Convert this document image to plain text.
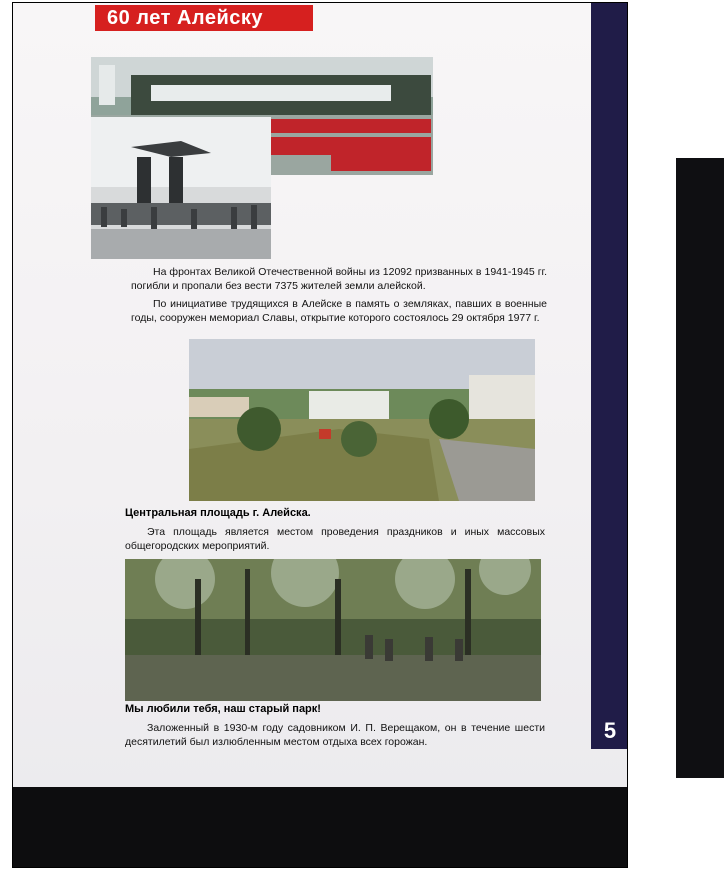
60 лет Алейску

На фронтах Великой Отечественной войны из 12092 призванных в 1941-1945 гг. погибли и пропали без вести 7375 жителей земли алейской.

По инициативе трудящихся в Алейске в память о земляках, павших в военные годы, сооружен мемориал Славы, открытие которого состоялось 29 октября 1977 г.

Центральная площадь г. Алейска.

Эта площадь является местом проведения праздников и иных массовых общегородских мероприятий.

Мы любили тебя, наш старый парк!

Заложенный в 1930-м году садовником И. П. Верещаком, он в течение шести десятилетий был излюбленным местом отдыха всех горожан.	5
